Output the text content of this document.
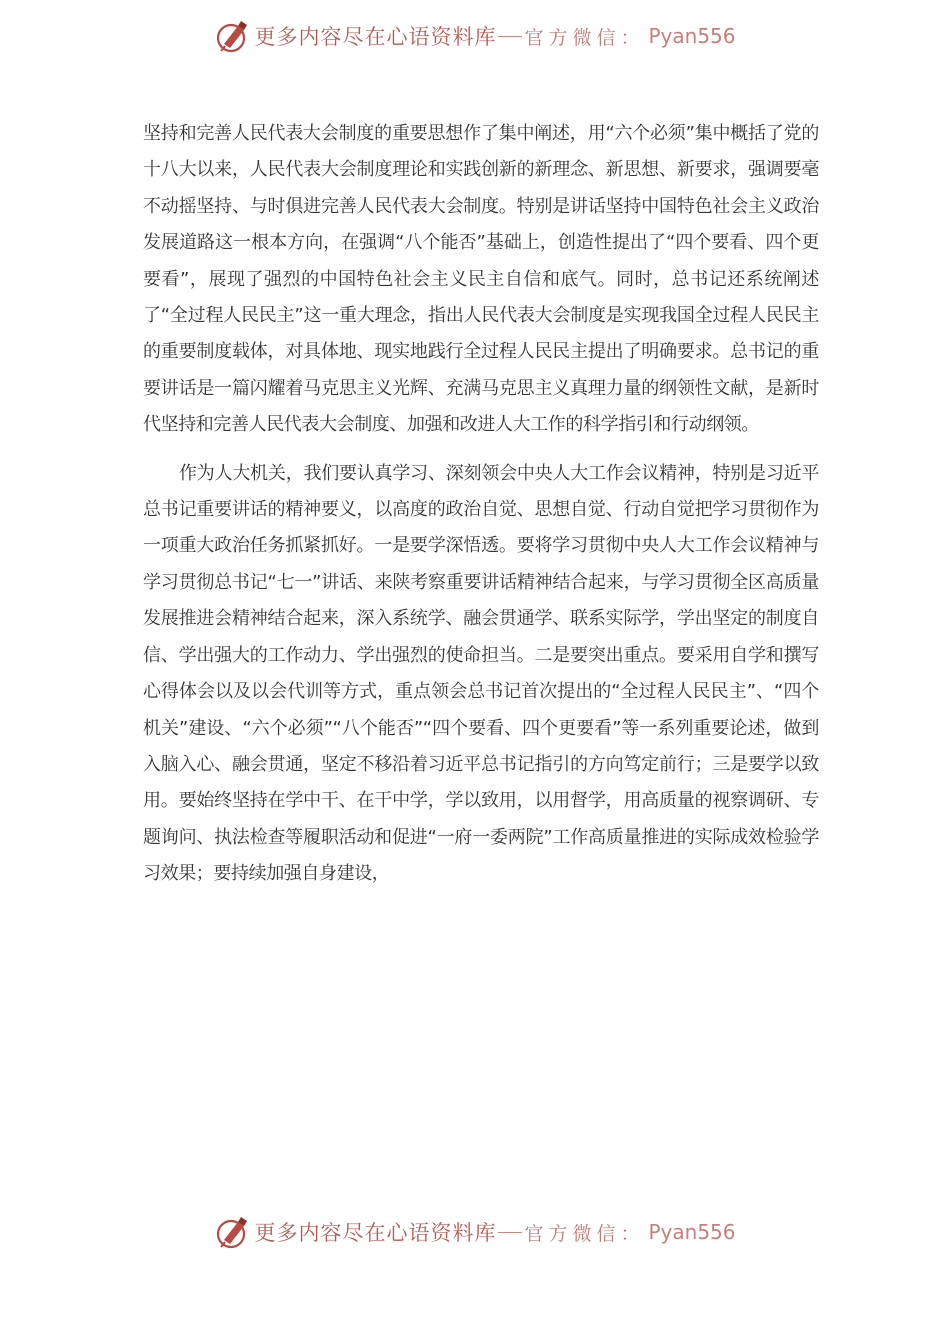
更多内容尽在心语资料库 官方微信： Pyan556

坚持和完善人民代表大会制度的重要思想作了集中阐述，用“六个必须”集中概括了党的十八大以来，人民代表大会制度理论和实践创新的新理念、新思想、新要求，强调要毫不动摇坚持、与时俱进完善人民代表大会制度。特别是讲话坚持中国特色社会主义政治发展道路这一根本方向，在强调“八个能否”基础上，创造性提出了“四个要看、四个更要看”，展现了强烈的中国特色社会主义民主自信和底气。同时，总书记还系统阐述了“全过程人民民主”这一重大理念，指出人民代表大会制度是实现我国全过程人民民主的重要制度载体，对具体地、现实地践行全过程人民民主提出了明确要求。总书记的重要讲话是一篇闪耀着马克思主义光辉、充满马克思主义真理力量的纲领性文献，是新时代坚持和完善人民代表大会制度、加强和改进人大工作的科学指引和行动纲领。

作为人大机关，我们要认真学习、深刻领会中央人大工作会议精神，特别是习近平总书记重要讲话的精神要义，以高度的政治自觉、思想自觉、行动自觉把学习贯彻作为一项重大政治任务抓紧抓好。一是要学深悟透。要将学习贯彻中央人大工作会议精神与学习贯彻总书记“七一”讲话、来陕考察重要讲话精神结合起来，与学习贯彻全区高质量发展推进会精神结合起来，深入系统学、融会贯通学、联系实际学，学出坚定的制度自信、学出强大的工作动力、学出强烈的使命担当。二是要突出重点。要采用自学和撰写心得体会以及以会代训等方式，重点领会总书记首次提出的“全过程人民民主”、“四个机关”建设、“六个必须”“八个能否”“四个要看、四个更要看”等一系列重要论述，做到入脑入心、融会贯通，坚定不移沿着习近平总书记指引的方向笃定前行；三是要学以致用。要始终坚持在学中干、在干中学，学以致用，以用督学，用高质量的视察调研、专题询问、执法检查等履职活动和促进“一府一委两院”工作高质量推进的实际成效检验学习效果；要持续加强自身建设，

更多内容尽在心语资料库 官方微信： Pyan556
